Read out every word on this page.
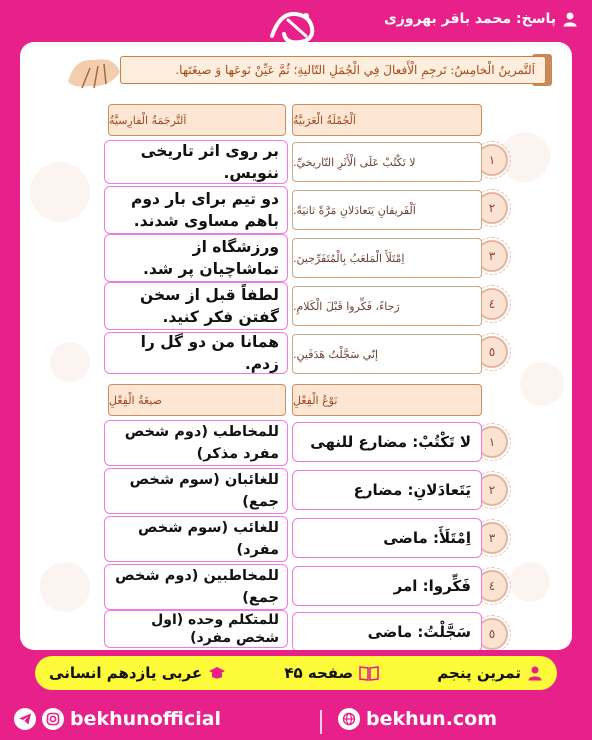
پاسخ: محمد باقر بهروزی
اَلتَّمرینُ الْخامِسُ: تَرجِمِ الْأَفعالَ فِي الْجُمَلِ التّالیةِ؛ ثُمَّ عَیِّنْ نَوعَها وَ صیغَتَها.
اَلْجُمْلَةُ الْعَرَبیَّةُ
اَلتَّرجَمَةُ الْفارِسیَّةُ
١
لا تَكْتُبْ عَلَی الْأَثَرِ التّاریخيِّ.
بر روی اثر تاریخی ننویس.
٢
اَلْفَریقانِ یَتَعادَلانِ مَرَّةً ثانیَةً.
دو تیم برای بار دوم باهم مساوی شدند.
٣
اِمْتَلَأَ الْمَلعَبُ بِالْمُتَفَرِّجینَ.
ورزشگاه از تماشاچیان پر شد.
٤
رَجاءً، فَكِّروا قَبْلَ الْكَلامِ.
لطفاً قبل از سخن گفتن فکر کنید.
٥
إنّي سَجَّلْتُ هَدَفَینِ.
همانا من دو گل را زدم.
نَوْعُ الْفِعْلِ
صیغَةُ الْفِعْلِ
١
لا تَكْتُبْ: مضارع للنهی
للمخاطب (دوم شخص مفرد مذکر)
٢
یَتَعادَلانِ: مضارع
للغائبان (سوم شخص جمع)
٣
اِمْتَلَأَ: ماضی
للغائب (سوم شخص مفرد)
٤
فَكِّروا: امر
للمخاطبین (دوم شخص جمع)
٥
سَجَّلْتُ: ماضی
للمتکلم وحده (اول شخص مفرد)
تمرین پنجم
صفحه ۴۵
عربی یازدهم انسانی
bekhunofficial	bekhun.com
